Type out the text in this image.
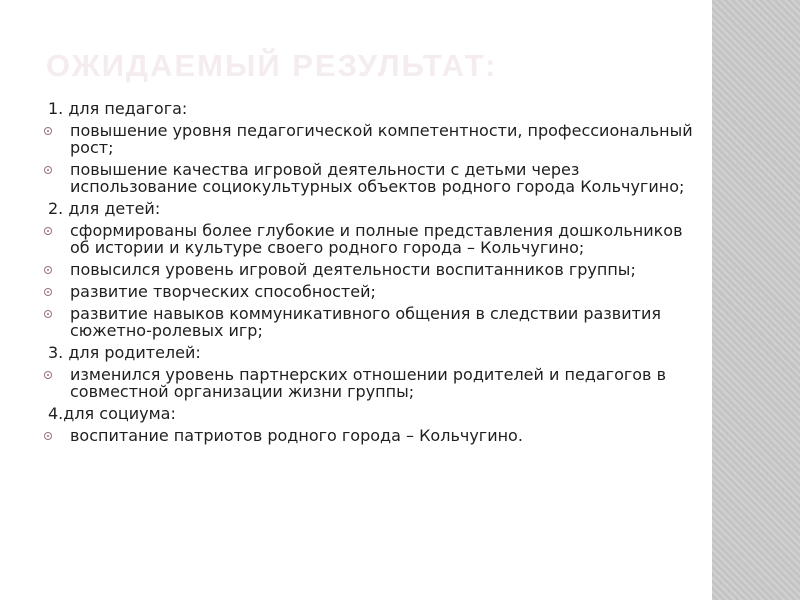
ОЖИДАЕМЫЙ РЕЗУЛЬТАТ:
1. для педагога:
повышение уровня педагогической компетентности, профессиональный рост;
повышение качества игровой деятельности с детьми через использование социокультурных объектов родного города Кольчугино;
2. для детей:
сформированы более глубокие и полные представления дошкольников об истории и культуре своего родного города – Кольчугино;
повысился уровень игровой деятельности воспитанников группы;
развитие творческих способностей;
развитие навыков коммуникативного общения в следствии развития сюжетно-ролевых игр;
3. для родителей:
изменился уровень партнерских отношении родителей и педагогов в совместной организации жизни группы;
4.для социума:
воспитание патриотов родного города – Кольчугино.
